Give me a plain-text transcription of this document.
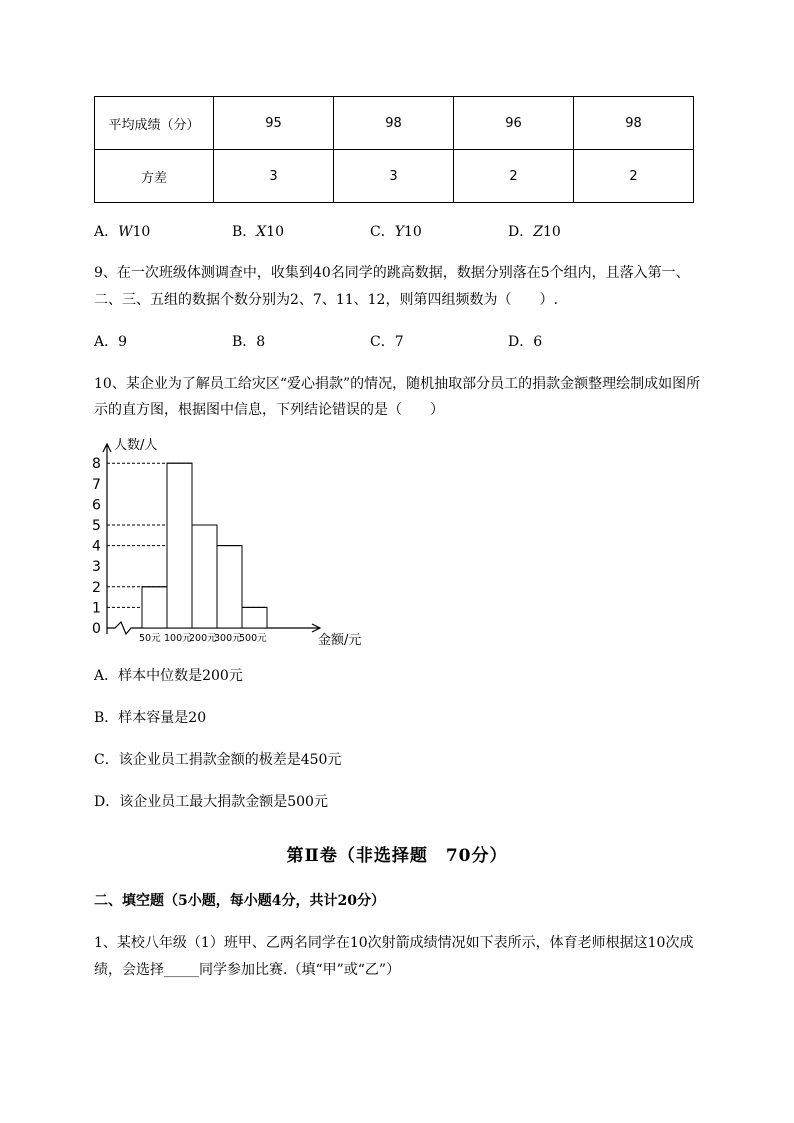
平均成绩（分）	95	98	96	98
方差	3	3	2	2
A．W10	B．X10	C．Y10	D．Z10
9、在一次班级体测调查中，收集到40名同学的跳高数据，数据分别落在5个组内，且落入第一、
二、三、五组的数据个数分别为2、7、11、12，则第四组频数为（　　）.
A．9	B．8	C．7	D．6
10、某企业为了解员工给灾区“爱心捐款”的情况，随机抽取部分员工的捐款金额整理绘制成如图所
示的直方图，根据图中信息，下列结论错误的是（　　）
0
1
2
3
4
5
6
7
8
50元 100元
200元
300元
500元
人数/人
金额/元
A．样本中位数是200元
B．样本容量是20
C．该企业员工捐款金额的极差是450元
D．该企业员工最大捐款金额是500元
第Ⅱ卷（非选择题　70分）
二、填空题（5小题，每小题4分，共计20分）
1、某校八年级（1）班甲、乙两名同学在10次射箭成绩情况如下表所示，体育老师根据这10次成
绩，会选择_____同学参加比赛.（填“甲”或“乙”）
